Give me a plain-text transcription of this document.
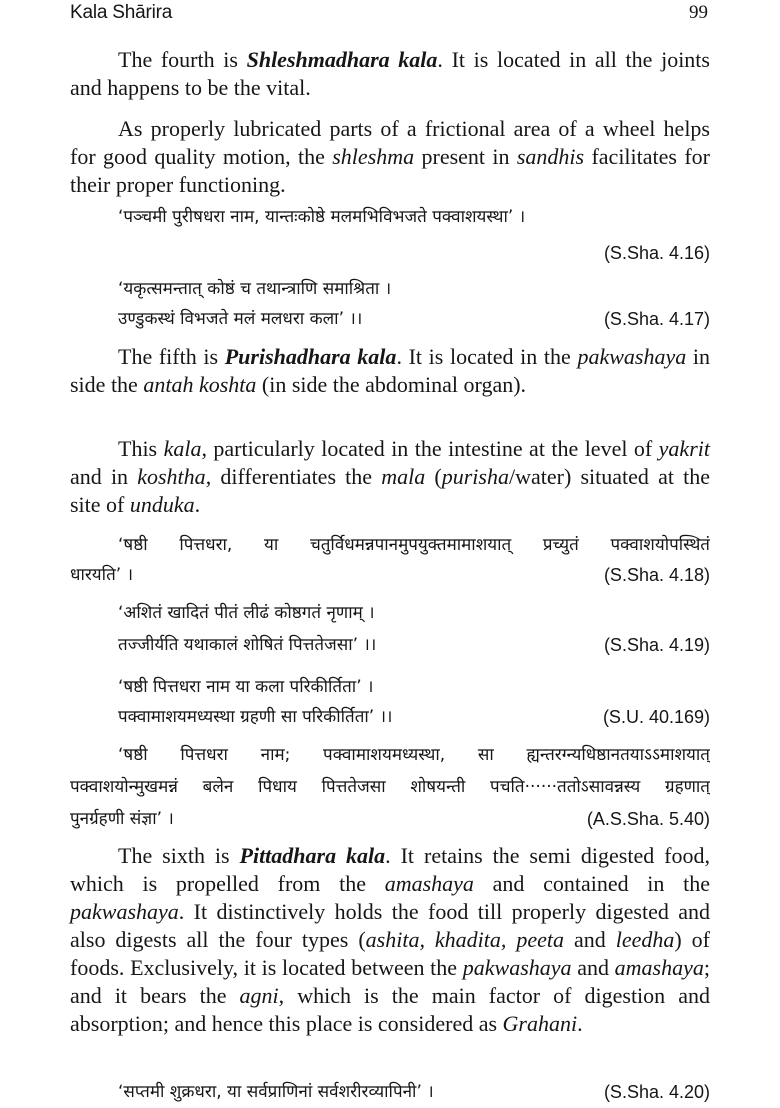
Kala Shārira	99

The fourth is Shleshmadhara kala. It is located in all the joints and happens to be the vital.

As properly lubricated parts of a frictional area of a wheel helps for good quality motion, the shleshma present in sandhis facilitates for their proper functioning.

‘पञ्चमी पुरीषधरा नाम, यान्तःकोष्ठे मलमभिविभजते पक्वाशयस्था’ ।
(S.Sha. 4.16)
‘यकृत्समन्तात् कोष्ठं च तथान्त्राणि समाश्रिता ।
उण्डुकस्थं विभजते मलं मलधरा कला’ ।।	(S.Sha. 4.17)

The fifth is Purishadhara kala. It is located in the pakwashaya in side the antah koshta (in side the abdominal organ).

This kala, particularly located in the intestine at the level of yakrit and in koshtha, differentiates the mala (purisha/water) situated at the site of unduka.

‘षष्ठी पित्तधरा, या चतुर्विधमन्नपानमुपयुक्तमामाशयात् प्रच्युतं पक्वाशयोपस्थितं
धारयति’ ।	(S.Sha. 4.18)
‘अशितं खादितं पीतं लीढं कोष्ठगतं नृणाम् ।
तज्जीर्यति यथाकालं शोषितं पित्ततेजसा’ ।।	(S.Sha. 4.19)
‘षष्ठी पित्तधरा नाम या कला परिकीर्तिता’ ।
पक्वामाशयमध्यस्था ग्रहणी सा परिकीर्तिता’ ।।	(S.U. 40.169)
‘षष्ठी पित्तधरा नाम; पक्वामाशयमध्यस्था, सा ह्यन्तरग्न्यधिष्ठानतयाऽऽमाशयात्
पक्वाशयोन्मुखमन्नं बलेन पिधाय पित्ततेजसा शोषयन्ती पचति······ततोऽसावन्नस्य ग्रहणात्
पुनर्ग्रहणी संज्ञा’ ।	(A.S.Sha. 5.40)

The sixth is Pittadhara kala. It retains the semi digested food, which is propelled from the amashaya and contained in the pakwashaya. It distinctively holds the food till properly digested and also digests all the four types (ashita, khadita, peeta and leedha) of foods. Exclusively, it is located between the pakwashaya and amashaya; and it bears the agni, which is the main factor of digestion and absorption; and hence this place is considered as Grahani.

‘सप्तमी शुक्रधरा, या सर्वप्राणिनां सर्वशरीरव्यापिनी’ ।	(S.Sha. 4.20)
